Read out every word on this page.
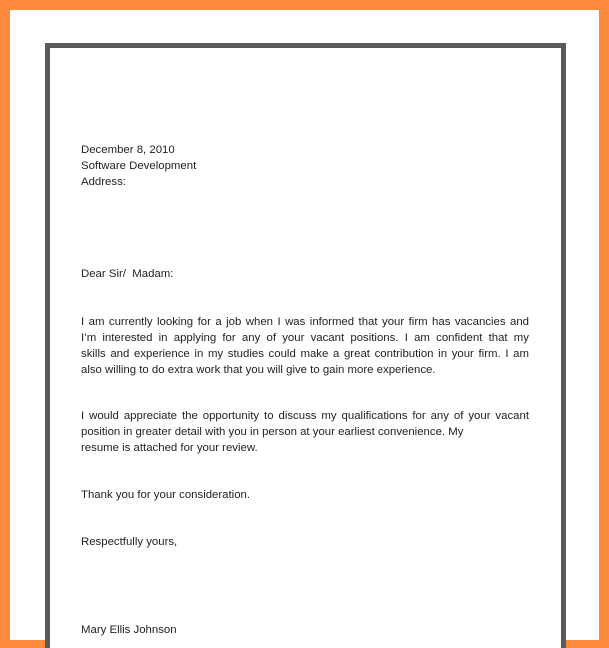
December 8, 2010
Software Development
Address:
Dear Sir/  Madam:
I am currently looking for a job when I was informed that your firm has vacancies and
I’m interested in applying for any of your vacant positions. I am confident that my
skills and experience in my studies could make a great contribution in your firm. I am
also willing to do extra work that you will give to gain more experience.
I would appreciate the opportunity to discuss my qualifications for any of your vacant
position in greater detail with you in person at your earliest convenience. My
resume is attached for your review.
Thank you for your consideration.
Respectfully yours,
Mary Ellis Johnson
